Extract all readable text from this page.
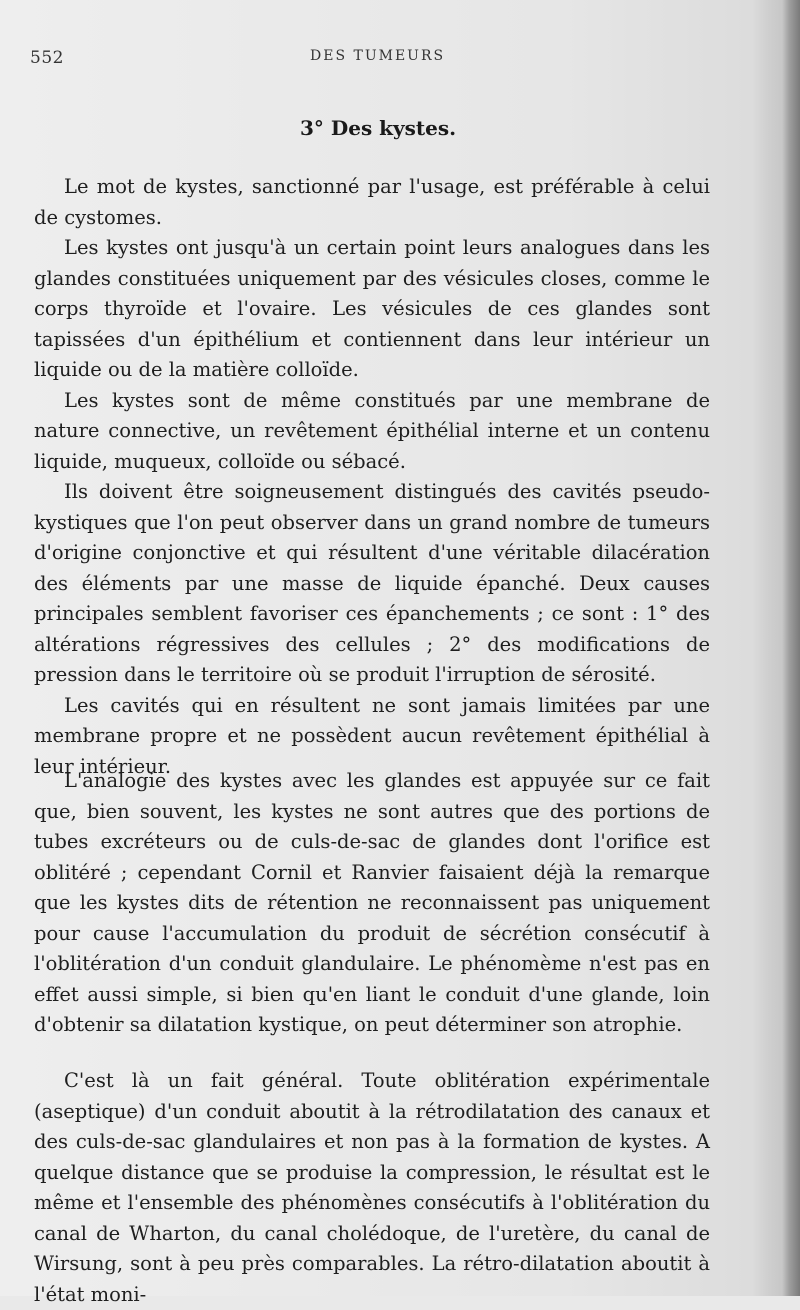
552	DES TUMEURS
3° Des kystes.

Le mot de kystes, sanctionné par l'usage, est préférable à celui de cystomes.

Les kystes ont jusqu'à un certain point leurs analogues dans les glandes constituées uniquement par des vésicules closes, comme le corps thyroïde et l'ovaire. Les vésicules de ces glandes sont tapissées d'un épithélium et contiennent dans leur intérieur un liquide ou de la matière colloïde.

Les kystes sont de même constitués par une membrane de nature connective, un revêtement épithélial interne et un contenu liquide, muqueux, colloïde ou sébacé.

Ils doivent être soigneusement distingués des cavités pseudo-kystiques que l'on peut observer dans un grand nombre de tumeurs d'origine conjonctive et qui résultent d'une véritable dilacération des éléments par une masse de liquide épanché. Deux causes principales semblent favoriser ces épanchements ; ce sont : 1° des altérations régressives des cellules ; 2° des modifications de pression dans le territoire où se produit l'irruption de sérosité.

Les cavités qui en résultent ne sont jamais limitées par une membrane propre et ne possèdent aucun revêtement épithélial à leur intérieur.

L'analogie des kystes avec les glandes est appuyée sur ce fait que, bien souvent, les kystes ne sont autres que des portions de tubes excréteurs ou de culs-de-sac de glandes dont l'orifice est oblitéré ; cependant Cornil et Ranvier faisaient déjà la remarque que les kystes dits de rétention ne reconnaissent pas uniquement pour cause l'accumulation du produit de sécrétion consécutif à l'oblitération d'un conduit glandulaire. Le phénomème n'est pas en effet aussi simple, si bien qu'en liant le conduit d'une glande, loin d'obtenir sa dilatation kystique, on peut déterminer son atrophie.

C'est là un fait général. Toute oblitération expérimentale (aseptique) d'un conduit aboutit à la rétrodilatation des canaux et des culs-de-sac glandulaires et non pas à la formation de kystes. A quelque distance que se produise la compression, le résultat est le même et l'ensemble des phénomènes consécutifs à l'oblitération du canal de Wharton, du canal cholédoque, de l'uretère, du canal de Wirsung, sont à peu près comparables. La rétro-dilatation aboutit à l'état moni-
